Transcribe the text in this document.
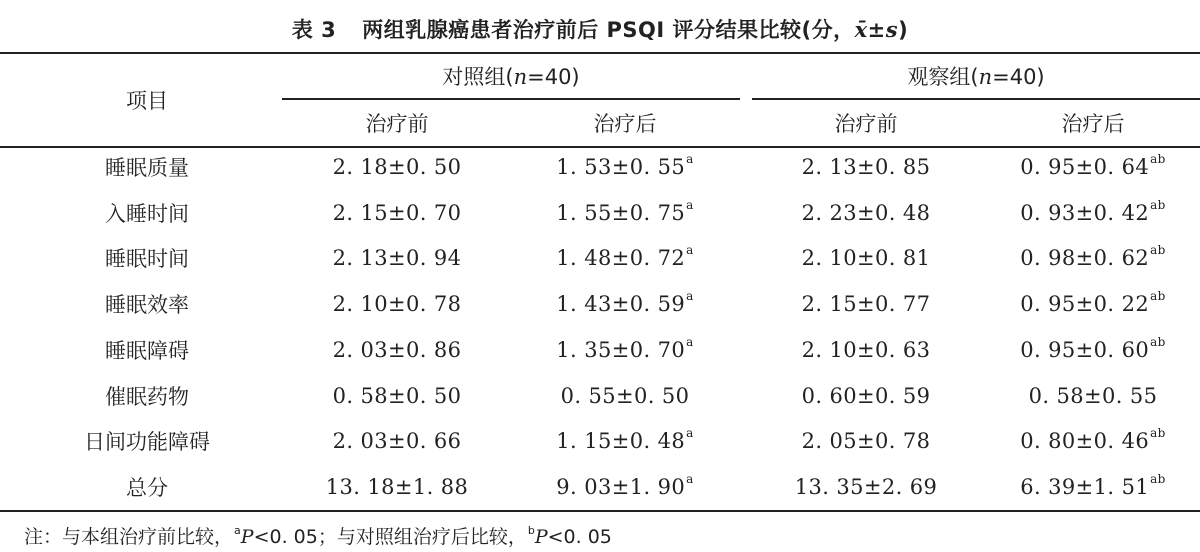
表 3 两组乳腺癌患者治疗前后 PSQI 评分结果比较(分，x̄±s)
项目
对照组(n=40)	观察组(n=40)
治疗前	治疗后	治疗前	治疗后
睡眠质量	2. 18±0. 50	1. 53±0. 55$^a$	2. 13±0. 85	0. 95±0. $64^{ab}$
入睡时间	2. 15±0. 70	1. 55±0. 75$^a$	2. 23±0. 48	0. 93±0. $42^{ab}$
睡眠时间	2. 13±0. 94	1. 48±0. 72$^a$	2. 10±0. 81	0. 98±0. $62^{ab}$
睡眠效率	2. 10±0. 78	1. 43±0. 59$^a$	2. 15±0. 77	0. 95±0. $22^{ab}$
睡眠障碍	2. 03±0. 86	1. 35±0. 70$^a$	2. 10±0. 63	0. 95±0. $60^{ab}$
催眠药物	0. 58±0. 50	0. 55±0. 50	0. 60±0. 59	0. 58±0. 55
日间功能障碍	2. 03±0. 66	1. 15±0. 48$^a$	2. 05±0. 78	0. 80±0. $46^{ab}$
总分	13. 18±1. 88	9. 03±1. 90$^a$	13. 35±2. 69	6. 39±1. $51^{ab}$
注：与本组治疗前比较，$^a$P<0. 05；与对照组治疗后比较，$^b$P<0. 05
